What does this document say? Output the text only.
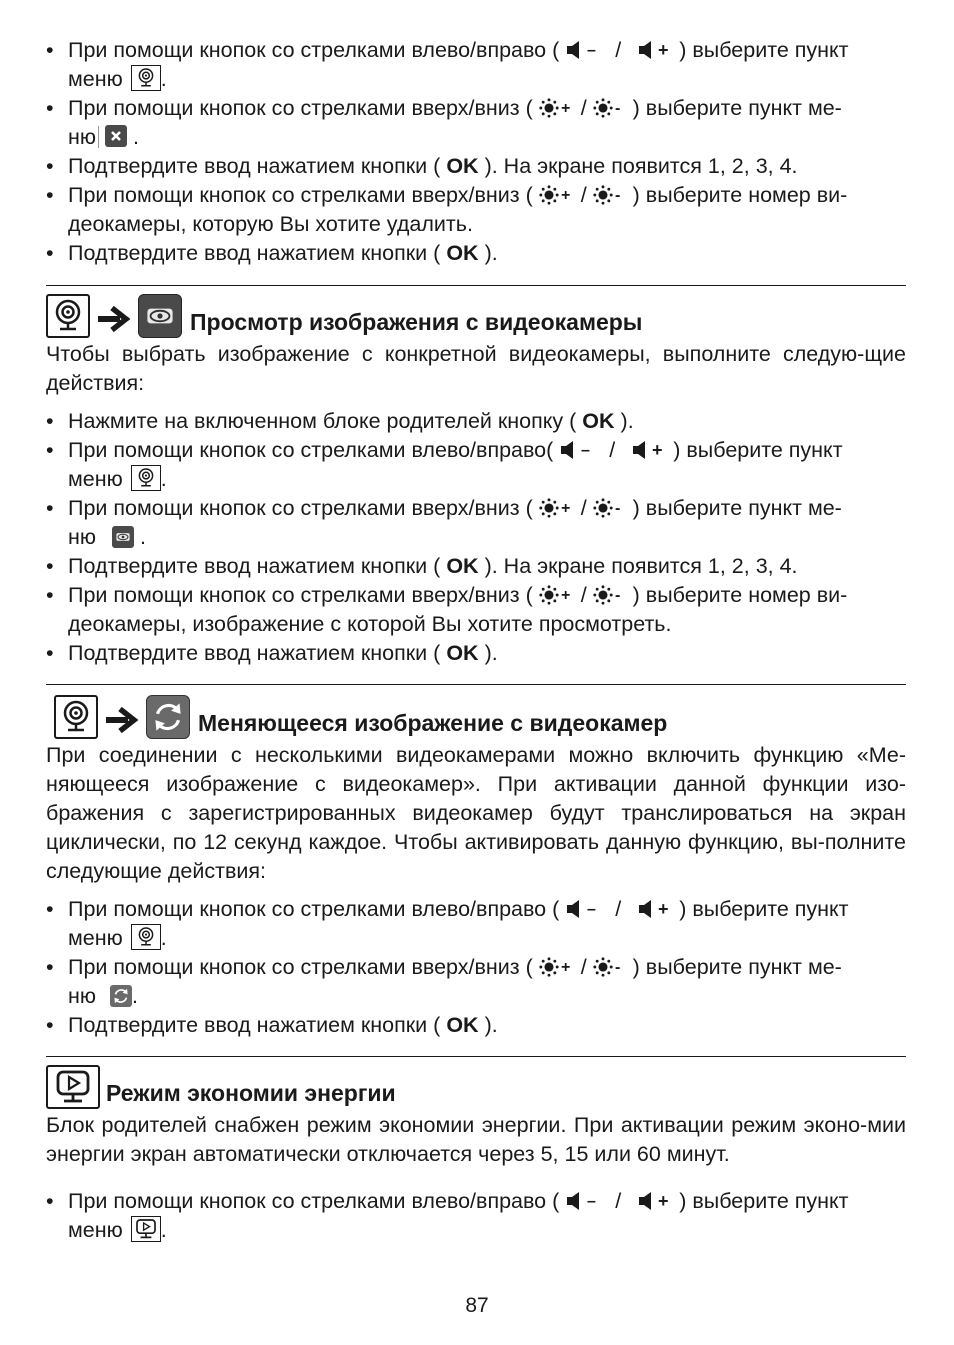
• При помощи кнопок со стрелками влево/вправо ( – / + ) выберите пункт
меню .
• При помощи кнопок со стрелками вверх/вниз ( + / - ) выберите пункт ме-
ню .
• Подтвердите ввод нажатием кнопки ( OK ). На экране появится 1, 2, 3, 4.
• При помощи кнопок со стрелками вверх/вниз ( + / - ) выберите номер ви-
деокамеры, которую Вы хотите удалить.
• Подтвердите ввод нажатием кнопки ( OK ).
Просмотр изображения с видеокамеры

Чтобы выбрать изображение с конкретной видеокамеры, выполните следую-щие действия:

• Нажмите на включенном блоке родителей кнопку ( OK ).
• При помощи кнопок со стрелками влево/вправо( – / + ) выберите пункт
меню .
• При помощи кнопок со стрелками вверх/вниз ( + / - ) выберите пункт ме-
ню .
• Подтвердите ввод нажатием кнопки ( OK ). На экране появится 1, 2, 3, 4.
• При помощи кнопок со стрелками вверх/вниз ( + / - ) выберите номер ви-
деокамеры, изображение с которой Вы хотите просмотреть.
• Подтвердите ввод нажатием кнопки ( OK ).
Меняющееся изображение с видеокамер

При соединении с несколькими видеокамерами можно включить функцию «Ме-няющееся изображение с видеокамер». При активации данной функции изо-бражения с зарегистрированных видеокамер будут транслироваться на экран циклически, по 12 секунд каждое. Чтобы активировать данную функцию, вы-полните следующие действия:

• При помощи кнопок со стрелками влево/вправо ( – / + ) выберите пункт
меню .
• При помощи кнопок со стрелками вверх/вниз ( + / - ) выберите пункт ме-
ню .
• Подтвердите ввод нажатием кнопки ( OK ).
Режим экономии энергии

Блок родителей снабжен режим экономии энергии. При активации режим эконо-мии энергии экран автоматически отключается через 5, 15 или 60 минут.

• При помощи кнопок со стрелками влево/вправо ( – / + ) выберите пункт
меню .
87
